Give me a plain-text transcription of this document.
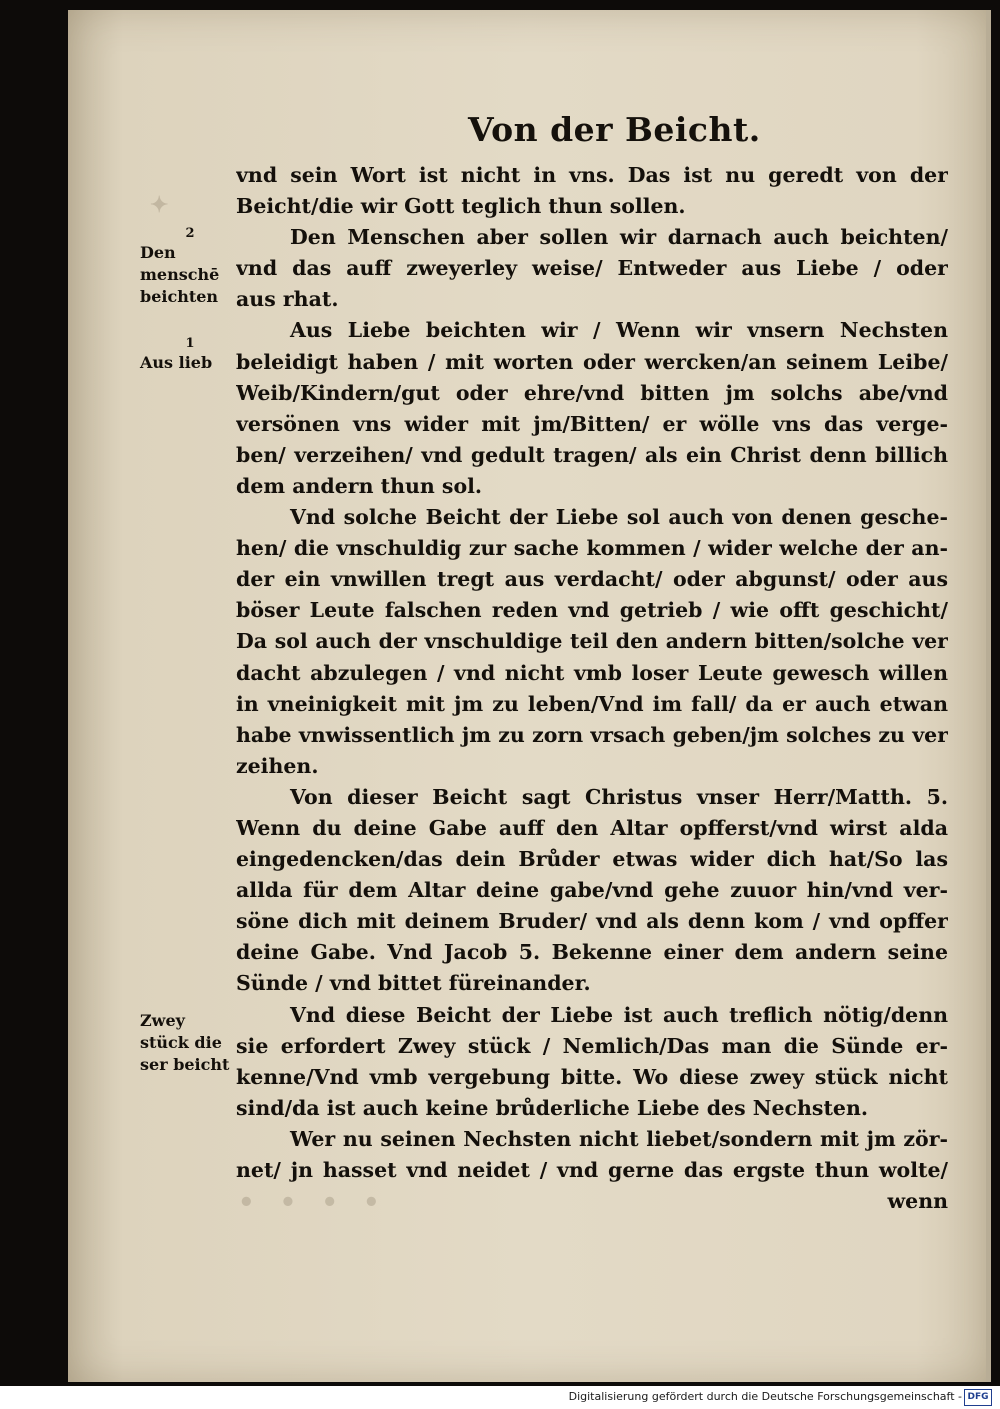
✦
• • • •
Von der Beicht.
vnd sein Wort ist nicht in vns. Das ist nu geredt von der
Beicht/die wir Gott teglich thun sollen.
Den Menschen aber sollen wir darnach auch beichten/
vnd das auff zweyerley weise/ Entweder aus Liebe / oder
aus rhat.
Aus Liebe beichten wir / Wenn wir vnsern Nechsten
beleidigt haben / mit worten oder wercken/an seinem Leibe/
Weib/Kindern/gut oder ehre/vnd bitten jm solchs abe/vnd
versönen vns wider mit jm/Bitten/ er wölle vns das verge-
ben/ verzeihen/ vnd gedult tragen/ als ein Christ denn billich
dem andern thun sol.
Vnd solche Beicht der Liebe sol auch von denen gesche-
hen/ die vnschuldig zur sache kommen / wider welche der an-
der ein vnwillen tregt aus verdacht/ oder abgunst/ oder aus
böser Leute falschen reden vnd getrieb / wie offt geschicht/
Da sol auch der vnschuldige teil den andern bitten/solche ver
dacht abzulegen / vnd nicht vmb loser Leute gewesch willen
in vneinigkeit mit jm zu leben/Vnd im fall/ da er auch etwan
habe vnwissentlich jm zu zorn vrsach geben/jm solches zu ver
zeihen.
Von dieser Beicht sagt Christus vnser Herr/Matth. 5.
Wenn du deine Gabe auff den Altar opfferst/vnd wirst alda
eingedencken/das dein Brůder etwas wider dich hat/So las
allda für dem Altar deine gabe/vnd gehe zuuor hin/vnd ver-
söne dich mit deinem Bruder/ vnd als denn kom / vnd opffer
deine Gabe. Vnd Jacob 5. Bekenne einer dem andern seine
Sünde / vnd bittet füreinander.
Vnd diese Beicht der Liebe ist auch treflich nötig/denn
sie erfordert Zwey stück / Nemlich/Das man die Sünde er-
kenne/Vnd vmb vergebung bitte. Wo diese zwey stück nicht
sind/da ist auch keine brůderliche Liebe des Nechsten.
Wer nu seinen Nechsten nicht liebet/sondern mit jm zör-
net/ jn hasset vnd neidet / vnd gerne das ergste thun wolte/
wenn
2
Den
menschē
beichten
1
Aus lieb
Zwey
stück die
ser beicht
Digitalisierung gefördert durch die Deutsche Forschungsgemeinschaft - DFG
